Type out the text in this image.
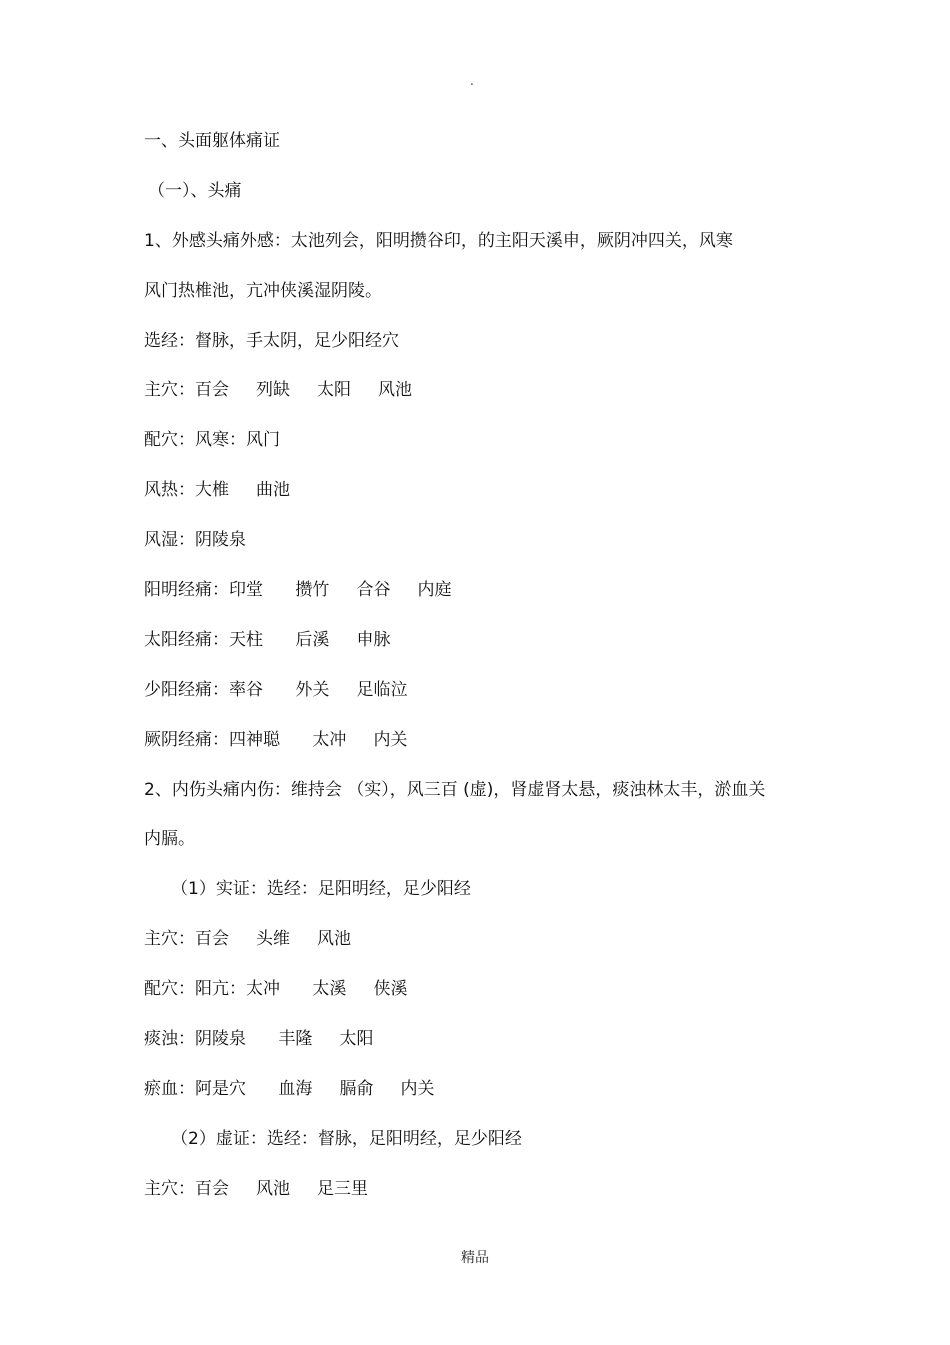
.
一、头面躯体痛证
（一）、头痛
1、外感头痛外感：太池列会，阳明攒谷印，的主阳天溪申，厥阴冲四关，风寒
风门热椎池，亢冲侠溪湿阴陵。
选经：督脉，手太阴，足少阳经穴
主穴：百会     列缺     太阳     风池
配穴：风寒：风门
风热：大椎     曲池
风湿：阴陵泉
阳明经痛：印堂      攒竹     合谷     内庭
太阳经痛：天柱      后溪     申脉
少阳经痛：率谷      外关     足临泣
厥阴经痛：四神聪      太冲     内关
2、内伤头痛内伤：维持会 （实），风三百 (虚)，肾虚肾太悬，痰浊林太丰，淤血关
内膈。
（1）实证：选经：足阳明经，足少阳经
主穴：百会     头维     风池
配穴：阳亢：太冲      太溪     侠溪
痰浊：阴陵泉      丰隆     太阳
瘀血：阿是穴      血海     膈俞     内关
（2）虚证：选经：督脉，足阳明经，足少阳经
主穴：百会     风池     足三里
精品
